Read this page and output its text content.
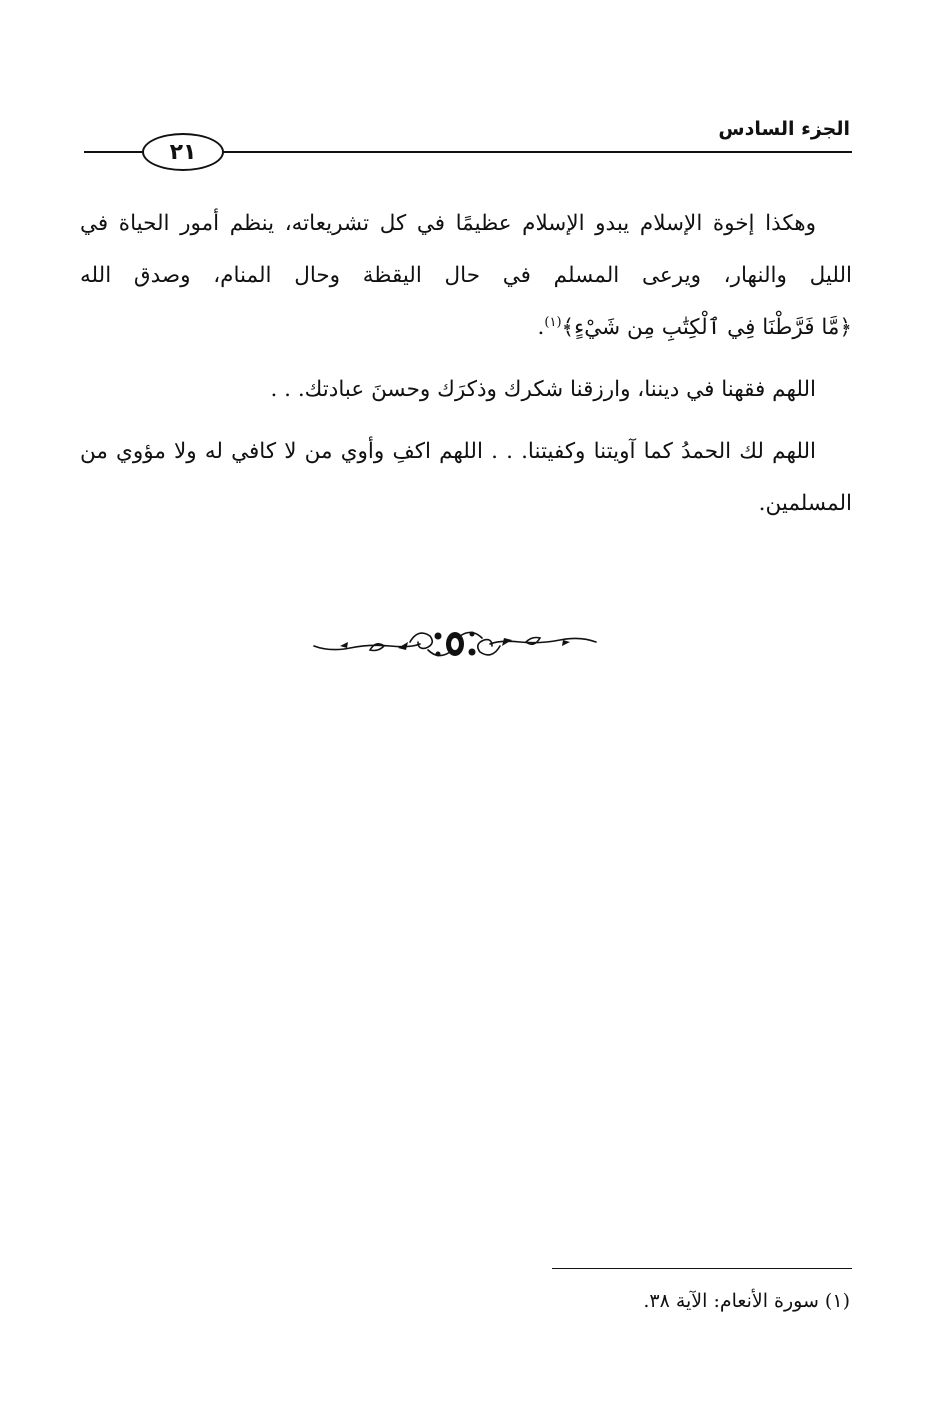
الجزء السادس
٢١

وهكذا إخوة الإسلام يبدو الإسلام عظيمًا في كل تشريعاته، ينظم أمور الحياة في الليل والنهار، ويرعى المسلم في حال اليقظة وحال المنام، وصدق الله ﴿مَّا فَرَّطْنَا فِي ٱلْكِتَٰبِ مِن شَيْءٍ﴾$^{(١)}$.

اللهم فقهنا في ديننا، وارزقنا شكرك وذكرَك وحسنَ عبادتك. . .

اللهم لك الحمدُ كما آويتنا وكفيتنا. . . اللهم اكفِ وأوي من لا كافي له ولا مؤوي من المسلمين.

(١) سورة الأنعام: الآية ٣٨.
